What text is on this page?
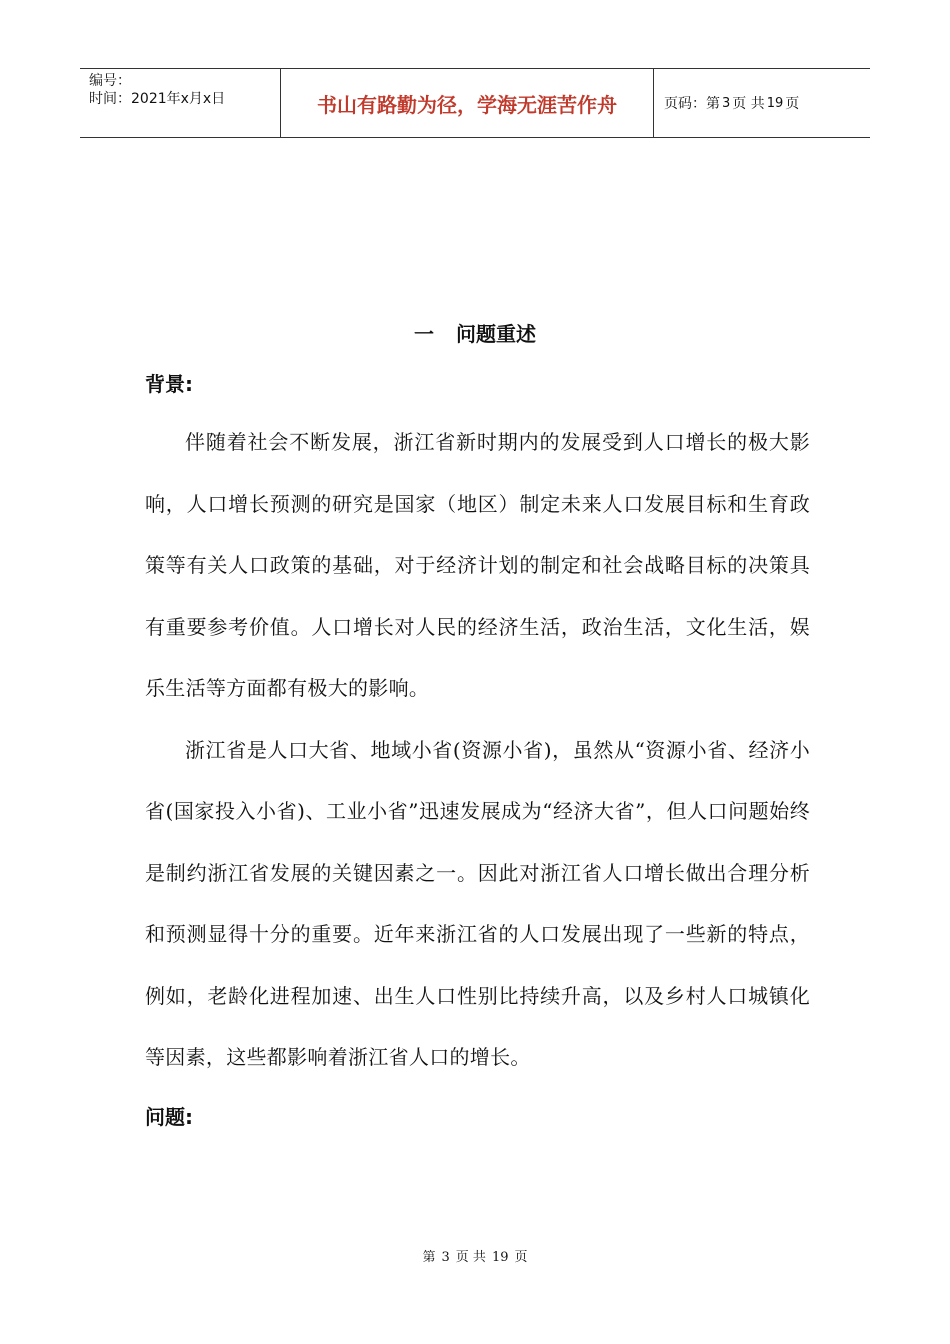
编号：
时间：2021年x月x日	书山有路勤为径，学海无涯苦作舟	页码：第 3 页 共 19 页
一 问题重述
背景:

伴随着社会不断发展，浙江省新时期内的发展受到人口增长的极大影响，人口增长预测的研究是国家（地区）制定未来人口发展目标和生育政策等有关人口政策的基础，对于经济计划的制定和社会战略目标的决策具有重要参考价值。人口增长对人民的经济生活，政治生活，文化生活，娱乐生活等方面都有极大的影响。

浙江省是人口大省、地域小省(资源小省)，虽然从“资源小省、经济小省(国家投入小省)、工业小省”迅速发展成为“经济大省”，但人口问题始终是制约浙江省发展的关键因素之一。因此对浙江省人口增长做出合理分析和预测显得十分的重要。近年来浙江省的人口发展出现了一些新的特点，例如，老龄化进程加速、出生人口性别比持续升高，以及乡村人口城镇化等因素，这些都影响着浙江省人口的增长。

问题:
第 3 页 共 19 页
